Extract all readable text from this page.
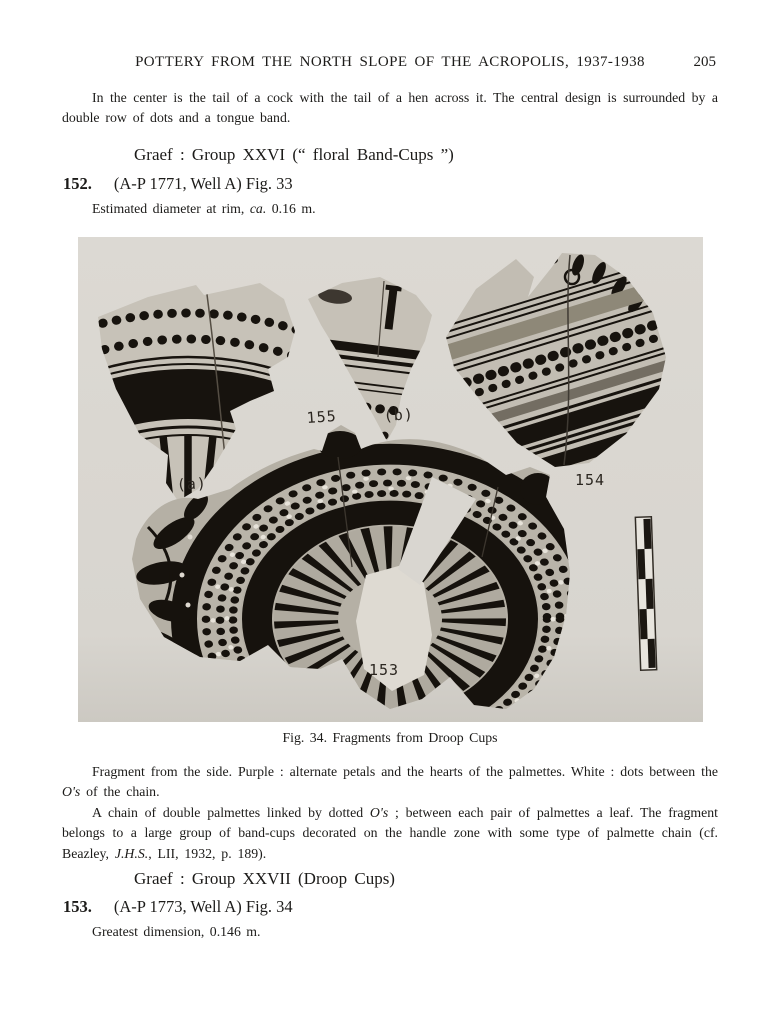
POTTERY FROM THE NORTH SLOPE OF THE ACROPOLIS, 1937-1938	205
In the center is the tail of a cock with the tail of a hen across it. The central design is surrounded by a double row of dots and a tongue band.
Graef : Group XXVI (“ floral Band-Cups ”)
152. (A-P 1771, Well A) Fig. 33
Estimated diameter at rim, ca. 0.16 m.
(a)
155	(b)
154
153
Fig. 34. Fragments from Droop Cups

Fragment from the side. Purple : alternate petals and the hearts of the palmettes. White : dots between the O's of the chain.

A chain of double palmettes linked by dotted O's ; between each pair of palmettes a leaf. The fragment belongs to a large group of band-cups decorated on the handle zone with some type of palmette chain (cf. Beazley, J.H.S., LII, 1932, p. 189).

Graef : Group XXVII (Droop Cups)
153. (A-P 1773, Well A) Fig. 34
Greatest dimension, 0.146 m.
